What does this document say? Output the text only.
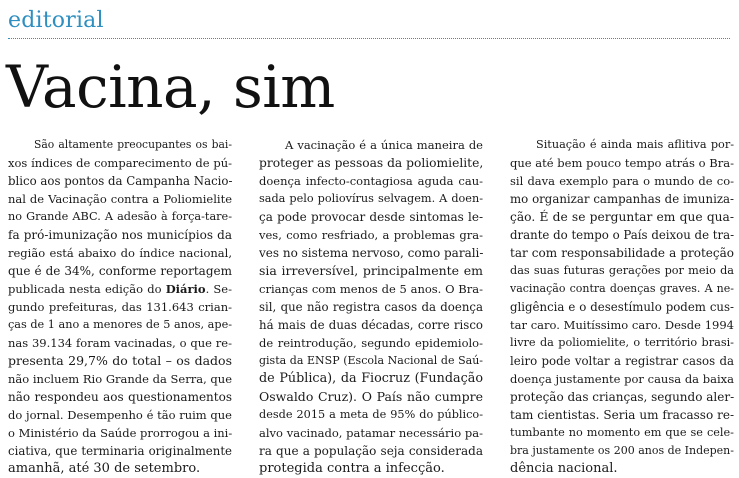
editorial
Vacina, sim
São altamente preocupantes os bai-
xos índices de comparecimento de pú-
blico aos pontos da Campanha Nacio-
nal de Vacinação contra a Poliomielite
no Grande ABC. A adesão à força-tare-
fa pró-imunização nos municípios da
região está abaixo do índice nacional,
que é de 34%, conforme reportagem
publicada nesta edição do Diário. Se-
gundo prefeituras, das 131.643 crian-
ças de 1 ano a menores de 5 anos, ape-
nas 39.134 foram vacinadas, o que re-
presenta 29,7% do total – os dados
não incluem Rio Grande da Serra, que
não respondeu aos questionamentos
do jornal. Desempenho é tão ruim que
o Ministério da Saúde prorrogou a ini-
ciativa, que terminaria originalmente
amanhã, até 30 de setembro.
A vacinação é a única maneira de
proteger as pessoas da poliomielite,
doença infecto-contagiosa aguda cau-
sada pelo poliovírus selvagem. A doen-
ça pode provocar desde sintomas le-
ves, como resfriado, a problemas gra-
ves no sistema nervoso, como parali-
sia irreversível, principalmente em
crianças com menos de 5 anos. O Bra-
sil, que não registra casos da doença
há mais de duas décadas, corre risco
de reintrodução, segundo epidemiolo-
gista da ENSP (Escola Nacional de Saú-
de Pública), da Fiocruz (Fundação
Oswaldo Cruz). O País não cumpre
desde 2015 a meta de 95% do público-
alvo vacinado, patamar necessário pa-
ra que a população seja considerada
protegida contra a infecção.
Situação é ainda mais aflitiva por-
que até bem pouco tempo atrás o Bra-
sil dava exemplo para o mundo de co-
mo organizar campanhas de imuniza-
ção. É de se perguntar em que qua-
drante do tempo o País deixou de tra-
tar com responsabilidade a proteção
das suas futuras gerações por meio da
vacinação contra doenças graves. A ne-
gligência e o desestímulo podem cus-
tar caro. Muitíssimo caro. Desde 1994
livre da poliomielite, o território brasi-
leiro pode voltar a registrar casos da
doença justamente por causa da baixa
proteção das crianças, segundo aler-
tam cientistas. Seria um fracasso re-
tumbante no momento em que se cele-
bra justamente os 200 anos de Indepen-
dência nacional.
